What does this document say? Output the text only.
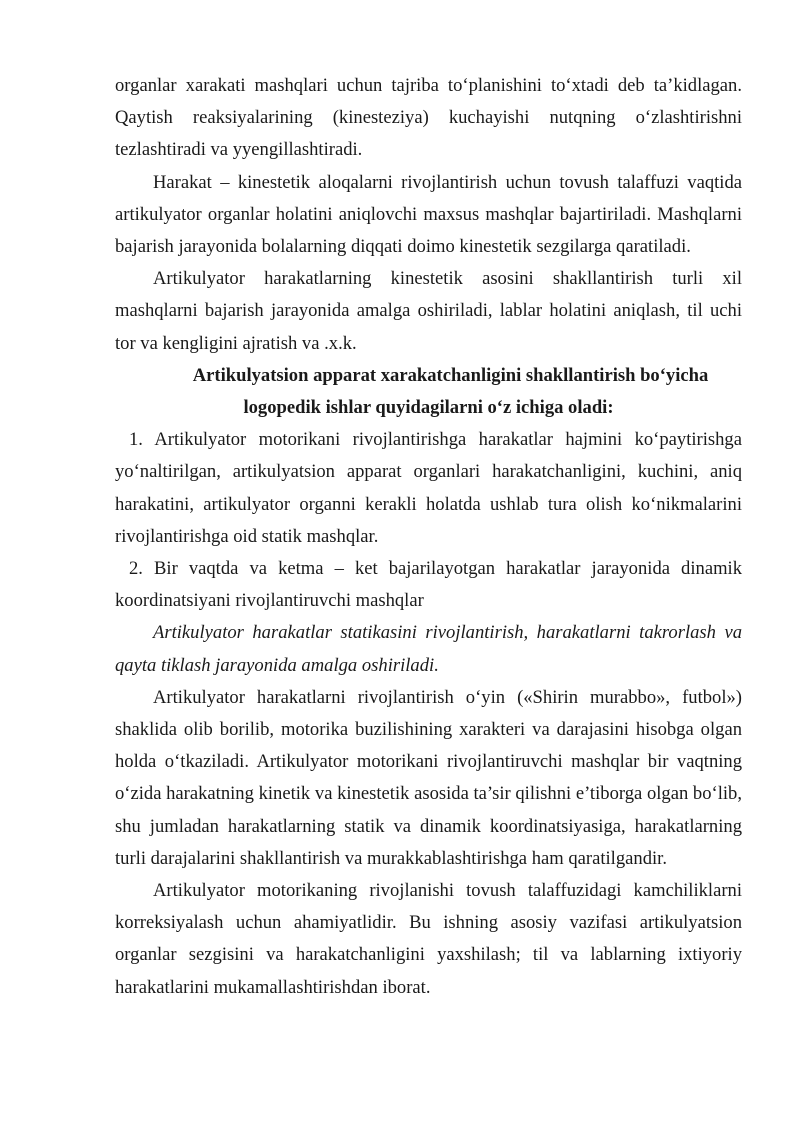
organlar xarakati mashqlari uchun tajriba to‘planishini to‘xtadi deb ta’kidlagan. Qaytish reaksiyalarining (kinesteziya) kuchayishi nutqning o‘zlashtirishni tezlashtiradi va yyengillashtiradi.

Harakat – kinestetik aloqalarni rivojlantirish uchun tovush talaffuzi vaqtida artikulyator organlar holatini aniqlovchi maxsus mashqlar bajartiriladi. Mashqlarni bajarish jarayonida bolalarning diqqati doimo kinestetik sezgilarga qaratiladi.

Artikulyator harakatlarning kinestetik asosini shakllantirish turli xil mashqlarni bajarish jarayonida amalga oshiriladi, lablar holatini aniqlash, til uchi tor va kengligini ajratish va .x.k.

Artikulyatsion apparat xarakatchanligini shakllantirish bo‘yicha
logopedik ishlar quyidagilarni o‘z ichiga oladi:

1. Artikulyator motorikani rivojlantirishga harakatlar hajmini ko‘paytirishga yo‘naltirilgan, artikulyatsion apparat organlari harakatchanligini, kuchini, aniq harakatini, artikulyator organni kerakli holatda ushlab tura olish ko‘nikmalarini rivojlantirishga oid statik mashqlar.

2. Bir vaqtda va ketma – ket bajarilayotgan harakatlar jarayonida dinamik koordinatsiyani rivojlantiruvchi mashqlar

Artikulyator harakatlar statikasini rivojlantirish, harakatlarni takrorlash va qayta tiklash jarayonida amalga oshiriladi.

Artikulyator harakatlarni rivojlantirish o‘yin («Shirin murabbo», futbol») shaklida olib borilib, motorika buzilishining xarakteri va darajasini hisobga olgan holda o‘tkaziladi. Artikulyator motorikani rivojlantiruvchi mashqlar bir vaqtning o‘zida harakatning kinetik va kinestetik asosida ta’sir qilishni e’tiborga olgan bo‘lib, shu jumladan harakatlarning statik va dinamik koordinatsiyasiga, harakatlarning turli darajalarini shakllantirish va murakkablashtirishga ham qaratilgandir.

Artikulyator motorikaning rivojlanishi tovush talaffuzidagi kamchiliklarni korreksiyalash uchun ahamiyatlidir. Bu ishning asosiy vazifasi artikulyatsion organlar sezgisini va harakatchanligini yaxshilash; til va lablarning ixtiyoriy harakatlarini mukamallashtirishdan iborat.
